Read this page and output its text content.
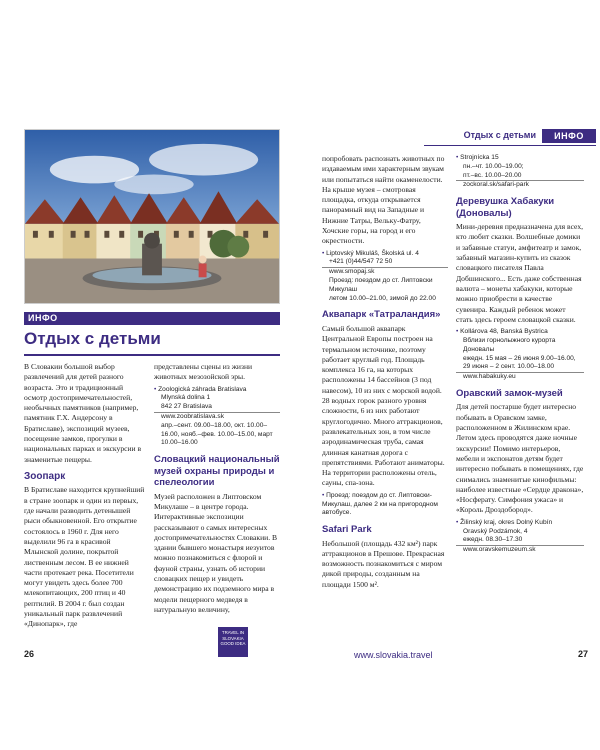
ИНФО
Отдых с детьми

В Словакии большой выбор развлечений для детей разного возраста. Это и традиционный осмотр достопримечательностей, необычных памятников (например, памятник Г.Х. Андерсону в Братиславе), экспозиций музеев, посещение замков, прогулки в национальных парках и экскурсии в знаменитые пещеры.

Зоопарк

В Братиславе находится крупнейший в стране зоопарк и один из первых, где начали разводить детенышей рыси обыкновенной. Его открытие состоялось в 1960 г. Для него выделили 96 га в красивой Млынской долине, покрытой лиственным лесом. В ее нижней части протекает река. Посетители могут увидеть здесь более 700 млекопитающих, 200 птиц и 40 рептилий. В 2004 г. был создан уникальный парк развлечений «Динопарк», где

представлены сцены из жизни животных мезозойской эры.

• Zoologická záhrada Bratislava
Mlynská dolina 1
842 27 Bratislava
www.zoobratislava.sk
апр.–сент. 09.00–18.00, окт. 10.00–16.00, нояб.–фев. 10.00–15.00, март 10.00–16.00
Словацкий национальный музей охраны природы и спелеологии

Музей расположен в Липтовском Микулаше – в центре города. Интерактивные экспозиции рассказывают о самых интересных достопримечательностях Словакии. В здании бывшего монастыря иезуитов можно познакомиться с флорой и фауной страны, узнать об истории словацких пещер и увидеть демонстрацию их подземного мира в модели пещерного медведя в натуральную величину,

26
TRAVEL IN
SLOVAKIA
GOOD IDEA
Отдых с детьми	ИНФО

попробовать распознать животных по издаваемым ими характерным звукам или попытаться найти окаменелости. На крыше музея – смотровая площадка, откуда открывается панорамный вид на Западные и Нижние Татры, Вельку-Фатру, Хочские горы, на город и его окрестности.

• Liptovský Mikuláš, Školská ul. 4
+421 (0)44/547 72 50
www.smopaj.sk
Проезд: поездом до ст. Липтовски Микулаш
летом 10.00–21.00, зимой до 22.00
Аквапарк «Татраландия»

Самый большой аквапарк Центральной Европы построен на термальном источнике, поэтому работает круглый год. Площадь комплекса 16 га, на которых расположены 14 бассейнов (3 под навесом), 10 из них с морской водой. 28 водных горок разного уровня сложности, 6 из них работают круглогодично. Много аттракционов, развлекательных зон, в том числе аэродинамическая труба, самая длинная канатная дорога с препятствиями. Работают аниматоры. На территории расположены отель, сауны, спа-зона.

• Проезд: поездом до ст. Липтовски-Микулаш, далее 2 км на пригородном автобусе.
Safari Park

Небольшой (площадь 432 км²) парк аттракционов в Прешове. Прекрасная возможность познакомиться с миром дикой природы, созданным на площади 1500 м².

• Strojnícka 15
пн.–чт. 10.00–19.00;
пт.–вс. 10.00–20.00
zockoral.sk/safari-park
Деревушка Хабакуки (Доновалы)

Мини-деревня предназначена для всех, кто любит сказки. Волшебные домики и забавные статуи, амфитеатр и замок, забавный магазин-купить из сказок словацкого писателя Павла Добшинского... Есть даже собственная валюта – монеты хабакуки, которые можно приобрести в качестве сувенира. Каждый ребенок может стать здесь героем словацкой сказки.

• Kollárova 48, Banská Bystrica
Вблизи горнолыжного курорта Доновалы
ежедн. 15 мая – 26 июня 9.00–16.00, 29 июня – 2 сент. 10.00–18.00
www.habakuky.eu
Оравский замок-музей

Для детей постарше будет интересно побывать в Оравском замке, расположенном в Жилинском крае. Летом здесь проводятся даже ночные экскурсии! Помимо интерьеров, мебели и экспонатов детям будет интересно побывать в помещениях, где снимались знаменитые кинофильмы: наиболее известные «Сердце дракона», «Носферату. Симфония ужаса» и «Король Дроздобород».

• Žilinský kraj, okres Dolný Kubín
Oravský Podzámok, 4
ежедн. 08.30–17.30
www.oravskemuzeum.sk
www.slovakia.travel	27
